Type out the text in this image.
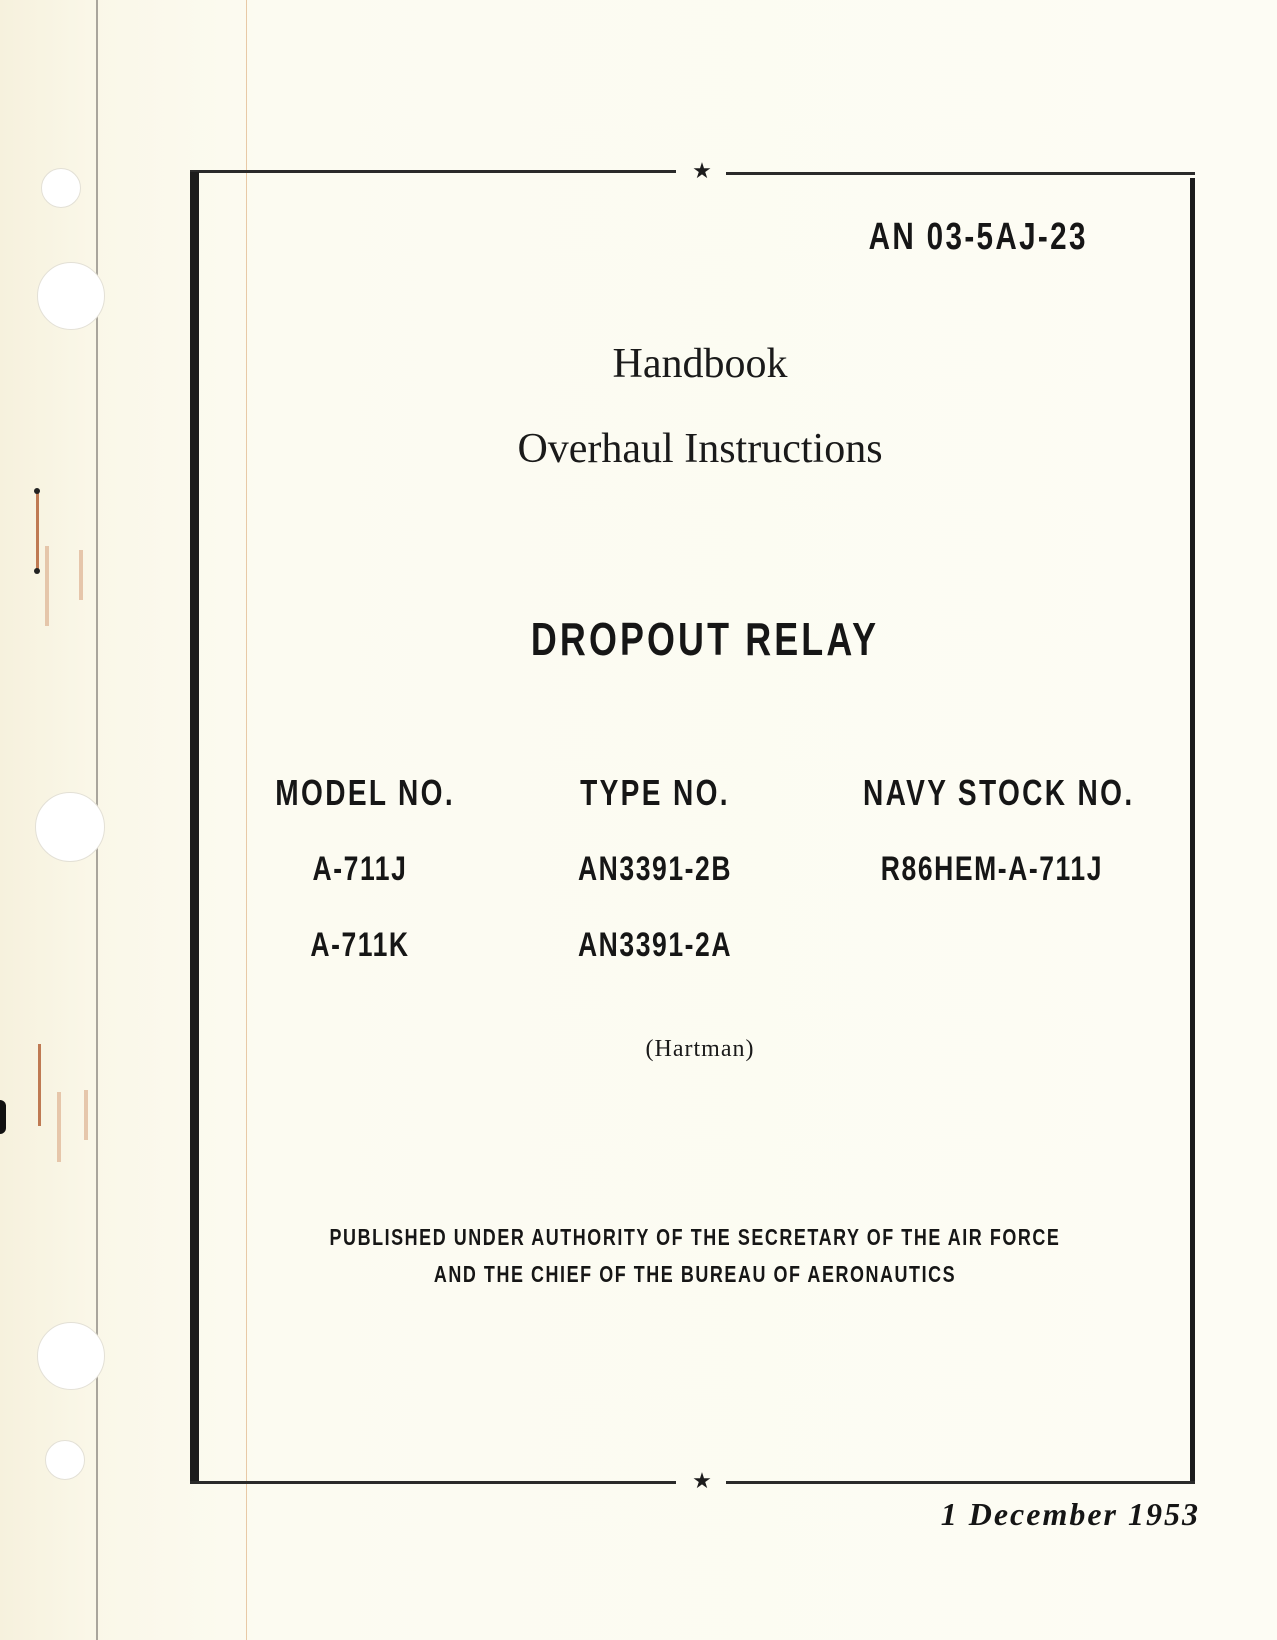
★
★
AN 03-5AJ-23
Handbook
Overhaul Instructions
DROPOUT RELAY
MODEL NO.	TYPE NO.	NAVY STOCK NO.
A-711J	AN3391-2B	R86HEM-A-711J
A-711K	AN3391-2A
(Hartman)
PUBLISHED UNDER AUTHORITY OF THE SECRETARY OF THE AIR FORCE
AND THE CHIEF OF THE BUREAU OF AERONAUTICS
1 December 1953
